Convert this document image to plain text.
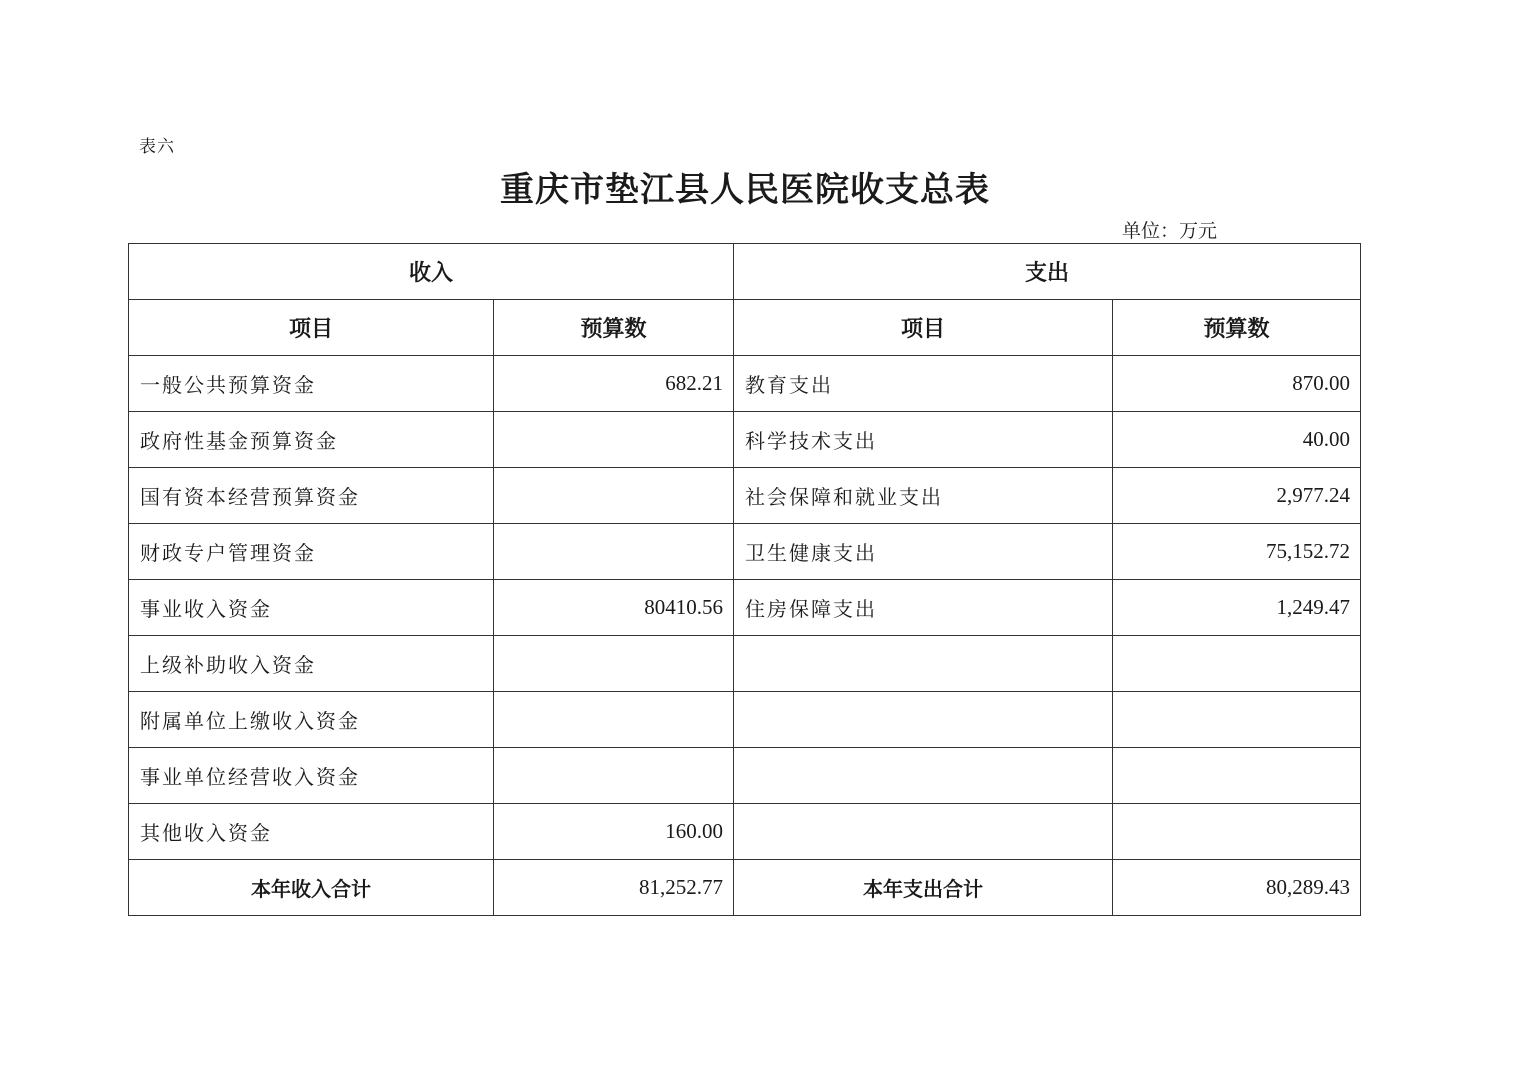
表六
重庆市垫江县人民医院收支总表
单位：万元
收入		支出	
项目	预算数	项目	预算数
一般公共预算资金	682.21	教育支出	870.00
政府性基金预算资金		科学技术支出	40.00
国有资本经营预算资金		社会保障和就业支出	2,977.24
财政专户管理资金		卫生健康支出	75,152.72
事业收入资金	80410.56	住房保障支出	1,249.47
上级补助收入资金			
附属单位上缴收入资金			
事业单位经营收入资金			
其他收入资金	160.00		
本年收入合计	81,252.77	本年支出合计	80,289.43
